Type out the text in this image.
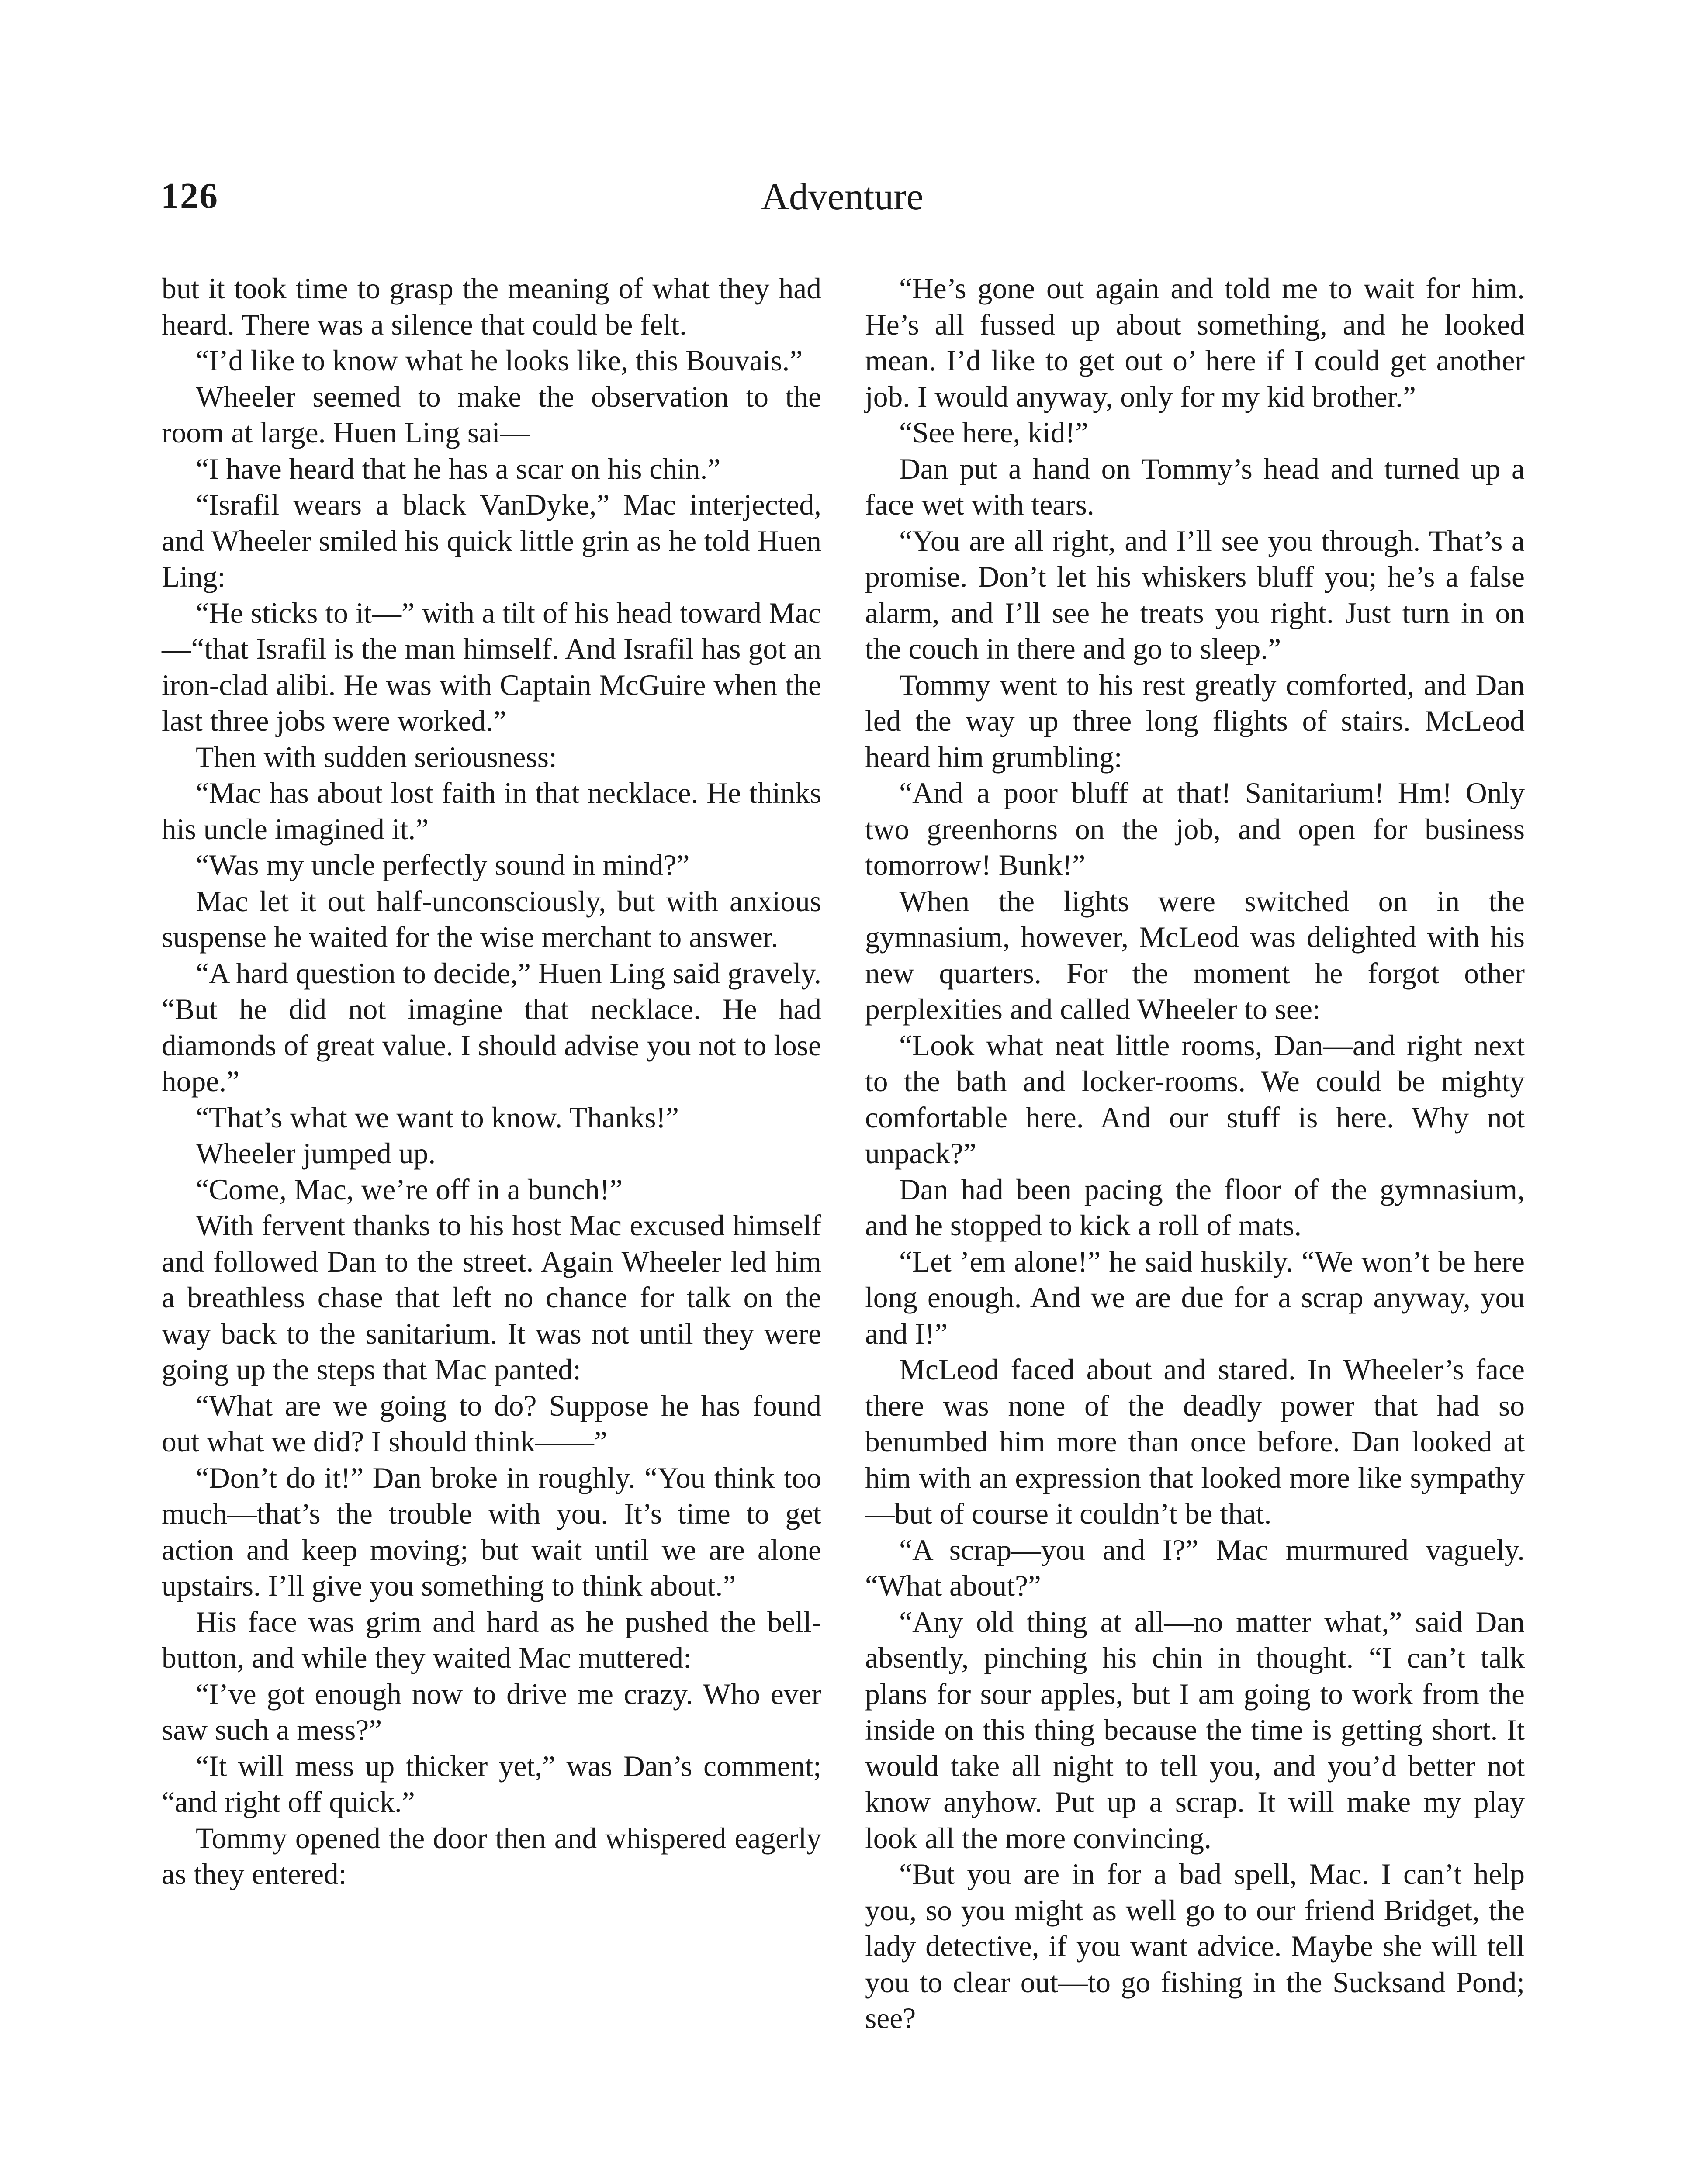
126	Adventure

but it took time to grasp the meaning of what they had heard. There was a silence that could be felt.

“I’d like to know what he looks like, this Bouvais.”

Wheeler seemed to make the observation to the room at large. Huen Ling sai—

“I have heard that he has a scar on his chin.”

“Israfil wears a black VanDyke,” Mac interjected, and Wheeler smiled his quick little grin as he told Huen Ling:

“He sticks to it—” with a tilt of his head toward Mac—“that Israfil is the man himself. And Israfil has got an iron-clad alibi. He was with Captain McGuire when the last three jobs were worked.”

Then with sudden seriousness:

“Mac has about lost faith in that necklace. He thinks his uncle imagined it.”

“Was my uncle perfectly sound in mind?”

Mac let it out half-unconsciously, but with anxious suspense he waited for the wise merchant to answer.

“A hard question to decide,” Huen Ling said gravely. “But he did not imagine that necklace. He had diamonds of great value. I should advise you not to lose hope.”

“That’s what we want to know. Thanks!”

Wheeler jumped up.

“Come, Mac, we’re off in a bunch!”

With fervent thanks to his host Mac excused himself and followed Dan to the street. Again Wheeler led him a breathless chase that left no chance for talk on the way back to the sanitarium. It was not until they were going up the steps that Mac panted:

“What are we going to do? Suppose he has found out what we did? I should think——”

“Don’t do it!” Dan broke in roughly. “You think too much—that’s the trouble with you. It’s time to get action and keep moving; but wait until we are alone upstairs. I’ll give you something to think about.”

His face was grim and hard as he pushed the bell-button, and while they waited Mac muttered:

“I’ve got enough now to drive me crazy. Who ever saw such a mess?”

“It will mess up thicker yet,” was Dan’s comment; “and right off quick.”

Tommy opened the door then and whispered eagerly as they entered:

“He’s gone out again and told me to wait for him. He’s all fussed up about something, and he looked mean. I’d like to get out o’ here if I could get another job. I would anyway, only for my kid brother.”

“See here, kid!”

Dan put a hand on Tommy’s head and turned up a face wet with tears.

“You are all right, and I’ll see you through. That’s a promise. Don’t let his whiskers bluff you; he’s a false alarm, and I’ll see he treats you right. Just turn in on the couch in there and go to sleep.”

Tommy went to his rest greatly comforted, and Dan led the way up three long flights of stairs. McLeod heard him grumbling:

“And a poor bluff at that! Sanitarium! Hm! Only two greenhorns on the job, and open for business tomorrow! Bunk!”

When the lights were switched on in the gymnasium, however, McLeod was delighted with his new quarters. For the moment he forgot other perplexities and called Wheeler to see:

“Look what neat little rooms, Dan—and right next to the bath and locker-rooms. We could be mighty comfortable here. And our stuff is here. Why not unpack?”

Dan had been pacing the floor of the gymnasium, and he stopped to kick a roll of mats.

“Let ’em alone!” he said huskily. “We won’t be here long enough. And we are due for a scrap anyway, you and I!”

McLeod faced about and stared. In Wheeler’s face there was none of the deadly power that had so benumbed him more than once before. Dan looked at him with an expression that looked more like sympathy—but of course it couldn’t be that.

“A scrap—you and I?” Mac murmured vaguely. “What about?”

“Any old thing at all—no matter what,” said Dan absently, pinching his chin in thought. “I can’t talk plans for sour apples, but I am going to work from the inside on this thing because the time is getting short. It would take all night to tell you, and you’d better not know anyhow. Put up a scrap. It will make my play look all the more convincing.

“But you are in for a bad spell, Mac. I can’t help you, so you might as well go to our friend Bridget, the lady detective, if you want advice. Maybe she will tell you to clear out—to go fishing in the Sucksand Pond; see?
